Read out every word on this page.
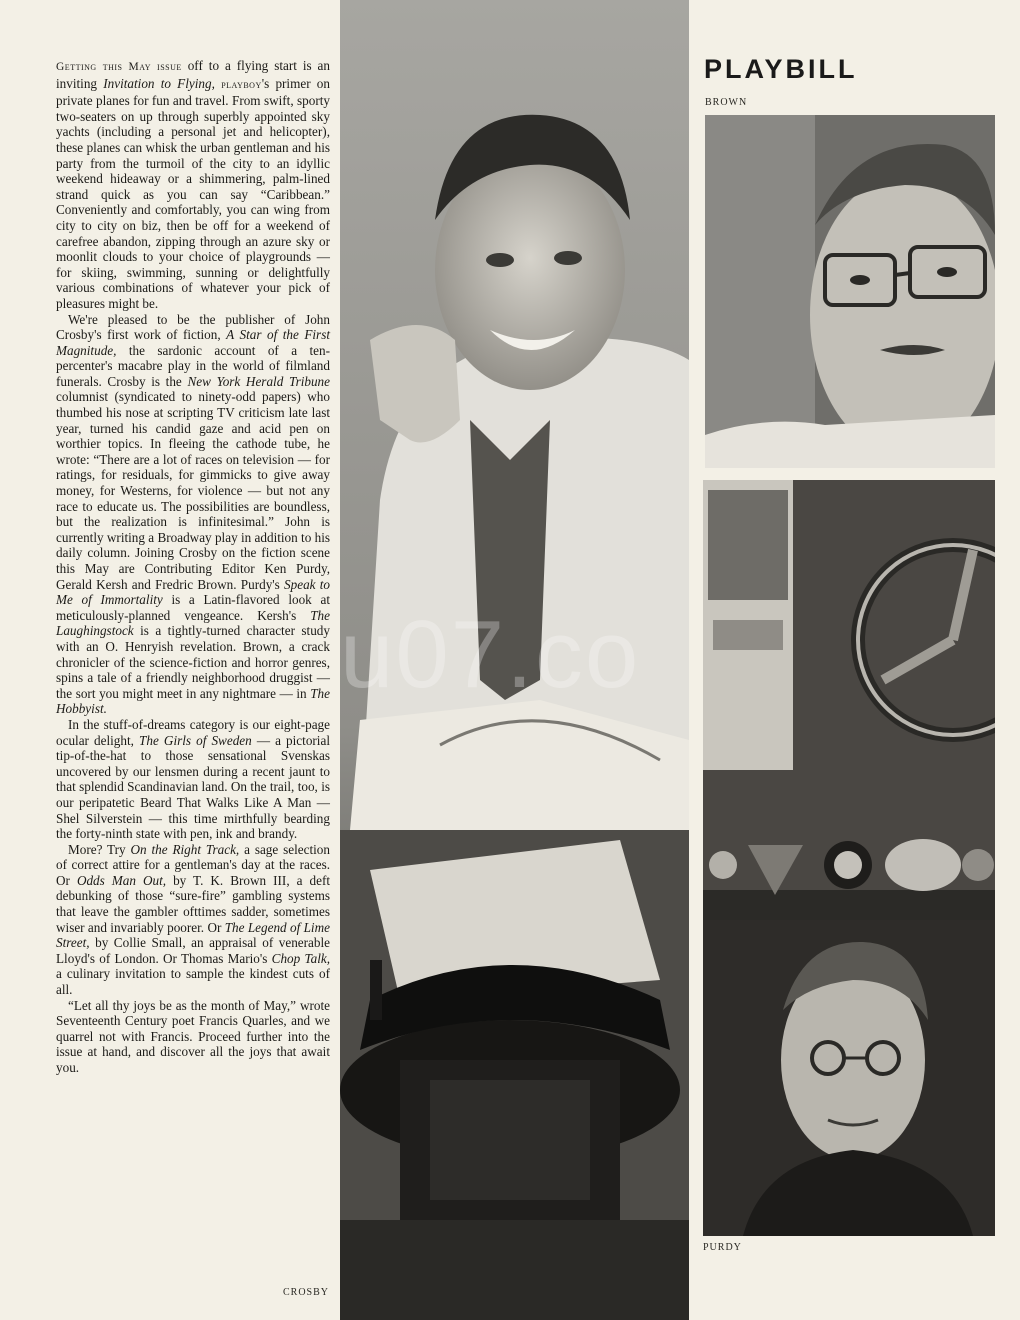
Getting this May issue off to a flying start is an inviting Invitation to Flying, playboy's primer on private planes for fun and travel. From swift, sporty two-seaters on up through superbly appointed sky yachts (including a personal jet and helicopter), these planes can whisk the urban gentleman and his party from the turmoil of the city to an idyllic weekend hideaway or a shimmering, palm-lined strand quick as you can say “Caribbean.” Conveniently and comfortably, you can wing from city to city on biz, then be off for a weekend of carefree abandon, zipping through an azure sky or moonlit clouds to your choice of playgrounds — for skiing, swimming, sunning or delightfully various combinations of whatever your pick of pleasures might be.

We're pleased to be the publisher of John Crosby's first work of fiction, A Star of the First Magnitude, the sardonic account of a ten-percenter's macabre play in the world of filmland funerals. Crosby is the New York Herald Tribune columnist (syndicated to ninety-odd papers) who thumbed his nose at scripting TV criticism late last year, turned his candid gaze and acid pen on worthier topics. In fleeing the cathode tube, he wrote: “There are a lot of races on television — for ratings, for residuals, for gimmicks to give away money, for Westerns, for violence — but not any race to educate us. The possibilities are boundless, but the realization is infinitesimal.” John is currently writing a Broadway play in addition to his daily column. Joining Crosby on the fiction scene this May are Contributing Editor Ken Purdy, Gerald Kersh and Fredric Brown. Purdy's Speak to Me of Immortality is a Latin-flavored look at meticulously-planned vengeance. Kersh's The Laughingstock is a tightly-turned character study with an O. Henryish revelation. Brown, a crack chronicler of the science-fiction and horror genres, spins a tale of a friendly neighborhood druggist — the sort you might meet in any nightmare — in The Hobbyist.

In the stuff-of-dreams category is our eight-page ocular delight, The Girls of Sweden — a pictorial tip-of-the-hat to those sensational Svenskas uncovered by our lensmen during a recent jaunt to that splendid Scandinavian land. On the trail, too, is our peripatetic Beard That Walks Like A Man — Shel Silverstein — this time mirthfully bearding the forty-ninth state with pen, ink and brandy.

More? Try On the Right Track, a sage selection of correct attire for a gentleman's day at the races. Or Odds Man Out, by T. K. Brown III, a deft debunking of those “sure-fire” gambling systems that leave the gambler ofttimes sadder, sometimes wiser and invariably poorer. Or The Legend of Lime Street, by Collie Small, an appraisal of venerable Lloyd's of London. Or Thomas Mario's Chop Talk, a culinary invitation to sample the kindest cuts of all.

“Let all thy joys be as the month of May,” wrote Seventeenth Century poet Francis Quarles, and we quarrel not with Francis. Proceed further into the issue at hand, and discover all the joys that await you.

CROSBY
u07.co
PLAYBILL
BROWN
PURDY
